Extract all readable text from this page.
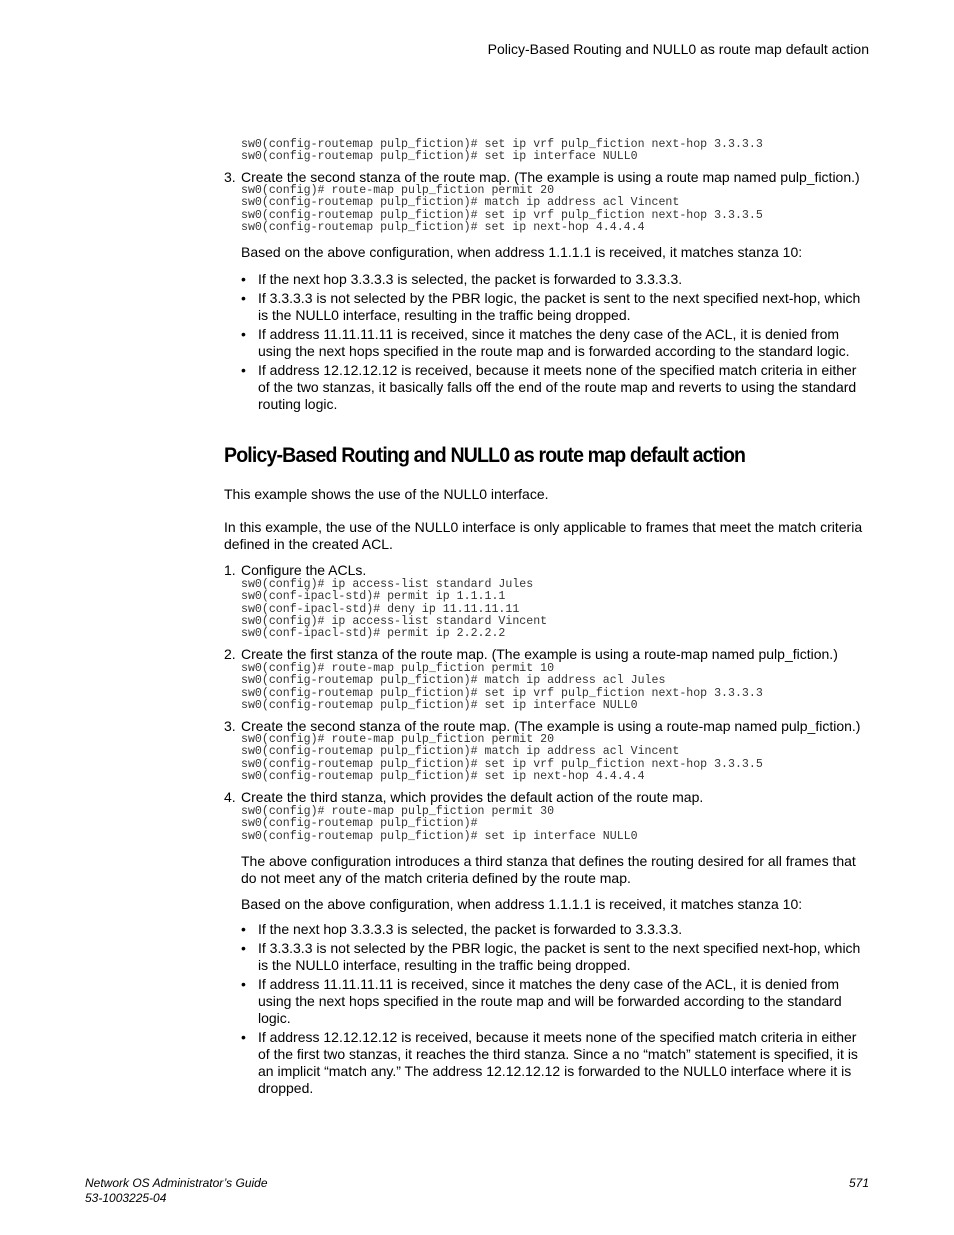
Policy-Based Routing and NULL0 as route map default action
sw0(config-routemap pulp_fiction)# set ip vrf pulp_fiction next-hop 3.3.3.3
sw0(config-routemap pulp_fiction)# set ip interface NULL0
3. Create the second stanza of the route map. (The example is using a route map named pulp_fiction.)
sw0(config)# route-map pulp_fiction permit 20
sw0(config-routemap pulp_fiction)# match ip address acl Vincent
sw0(config-routemap pulp_fiction)# set ip vrf pulp_fiction next-hop 3.3.3.5
sw0(config-routemap pulp_fiction)# set ip next-hop 4.4.4.4
Based on the above configuration, when address 1.1.1.1 is received, it matches stanza 10:
• If the next hop 3.3.3.3 is selected, the packet is forwarded to 3.3.3.3.
• If 3.3.3.3 is not selected by the PBR logic, the packet is sent to the next specified next-hop, which is the NULL0 interface, resulting in the traffic being dropped.
• If address 11.11.11.11 is received, since it matches the deny case of the ACL, it is denied from using the next hops specified in the route map and is forwarded according to the standard logic.
• If address 12.12.12.12 is received, because it meets none of the specified match criteria in either of the two stanzas, it basically falls off the end of the route map and reverts to using the standard routing logic.
Policy-Based Routing and NULL0 as route map default action
This example shows the use of the NULL0 interface.
In this example, the use of the NULL0 interface is only applicable to frames that meet the match criteria defined in the created ACL.
1. Configure the ACLs.
sw0(config)# ip access-list standard Jules
sw0(conf-ipacl-std)# permit ip 1.1.1.1
sw0(conf-ipacl-std)# deny ip 11.11.11.11
sw0(config)# ip access-list standard Vincent
sw0(conf-ipacl-std)# permit ip 2.2.2.2
2. Create the first stanza of the route map. (The example is using a route-map named pulp_fiction.)
sw0(config)# route-map pulp_fiction permit 10
sw0(config-routemap pulp_fiction)# match ip address acl Jules
sw0(config-routemap pulp_fiction)# set ip vrf pulp_fiction next-hop 3.3.3.3
sw0(config-routemap pulp_fiction)# set ip interface NULL0
3. Create the second stanza of the route map. (The example is using a route-map named pulp_fiction.)
sw0(config)# route-map pulp_fiction permit 20
sw0(config-routemap pulp_fiction)# match ip address acl Vincent
sw0(config-routemap pulp_fiction)# set ip vrf pulp_fiction next-hop 3.3.3.5
sw0(config-routemap pulp_fiction)# set ip next-hop 4.4.4.4
4. Create the third stanza, which provides the default action of the route map.
sw0(config)# route-map pulp_fiction permit 30
sw0(config-routemap pulp_fiction)#
sw0(config-routemap pulp_fiction)# set ip interface NULL0
The above configuration introduces a third stanza that defines the routing desired for all frames that do not meet any of the match criteria defined by the route map.
Based on the above configuration, when address 1.1.1.1 is received, it matches stanza 10:
• If the next hop 3.3.3.3 is selected, the packet is forwarded to 3.3.3.3.
• If 3.3.3.3 is not selected by the PBR logic, the packet is sent to the next specified next-hop, which is the NULL0 interface, resulting in the traffic being dropped.
• If address 11.11.11.11 is received, since it matches the deny case of the ACL, it is denied from using the next hops specified in the route map and will be forwarded according to the standard logic.
• If address 12.12.12.12 is received, because it meets none of the specified match criteria in either of the first two stanzas, it reaches the third stanza. Since a no “match” statement is specified, it is an implicit “match any.” The address 12.12.12.12 is forwarded to the NULL0 interface where it is dropped.
Network OS Administrator’s Guide
53-1003225-04
571
